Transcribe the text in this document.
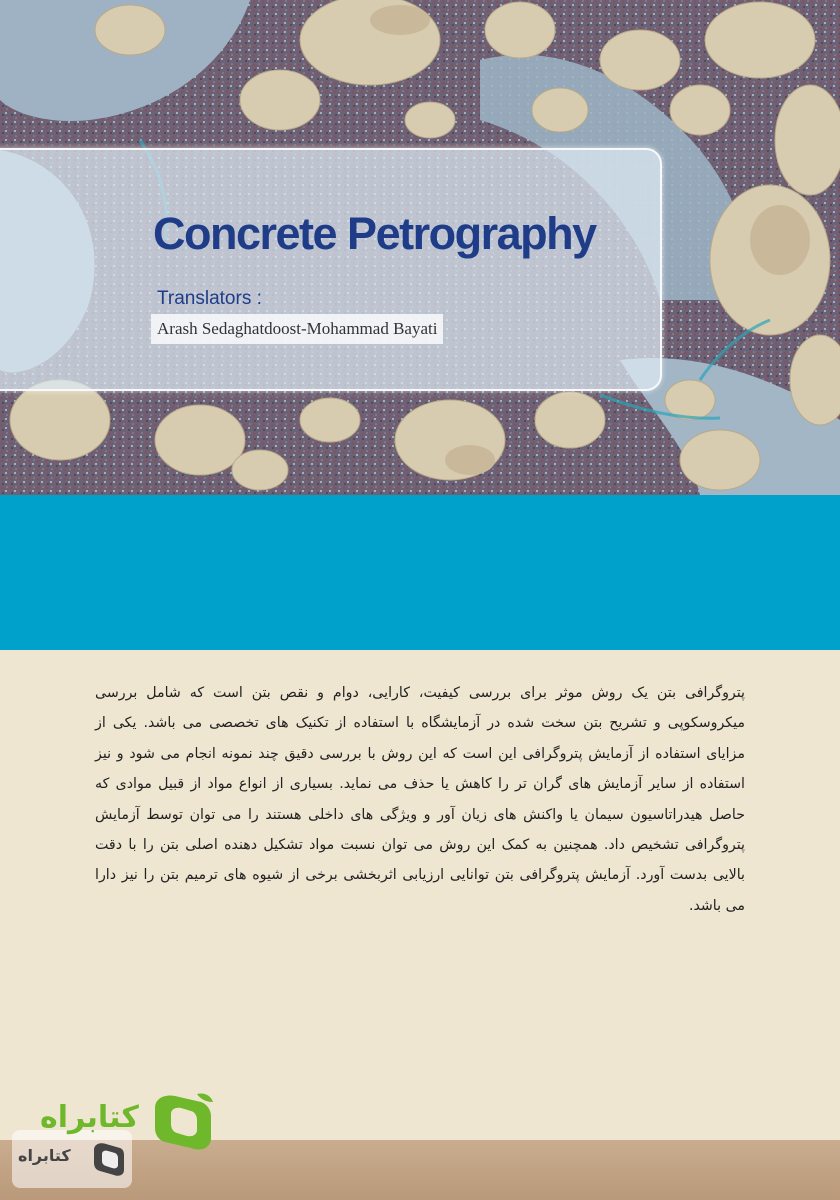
Concrete Petrography
Translators :
Arash Sedaghatdoost-Mohammad Bayati

پتروگرافی بتن یک روش موثر برای بررسی کیفیت، کارایی، دوام و نقص بتن است که شامل بررسی میکروسکوپی و تشریح بتن سخت شده در آزمایشگاه با استفاده از تکنیک های تخصصی می باشد. یکی از مزایای استفاده از آزمایش پتروگرافی این است که این روش با بررسی دقیق چند نمونه انجام می شود و نیز استفاده از سایر آزمایش های گران تر را کاهش یا حذف می نماید. بسیاری از انواع مواد از قبیل موادی که حاصل هیدراتاسیون سیمان یا واکنش های زیان آور و ویژگی های داخلی هستند را می توان توسط آزمایش پتروگرافی تشخیص داد. همچنین به کمک این روش می توان نسبت مواد تشکیل دهنده اصلی بتن را با دقت بالایی بدست آورد. آزمایش پتروگرافی بتن توانایی ارزیابی اثربخشی برخی از شیوه های ترمیم بتن را نیز دارا می باشد.

کتابراه
کتابراه
